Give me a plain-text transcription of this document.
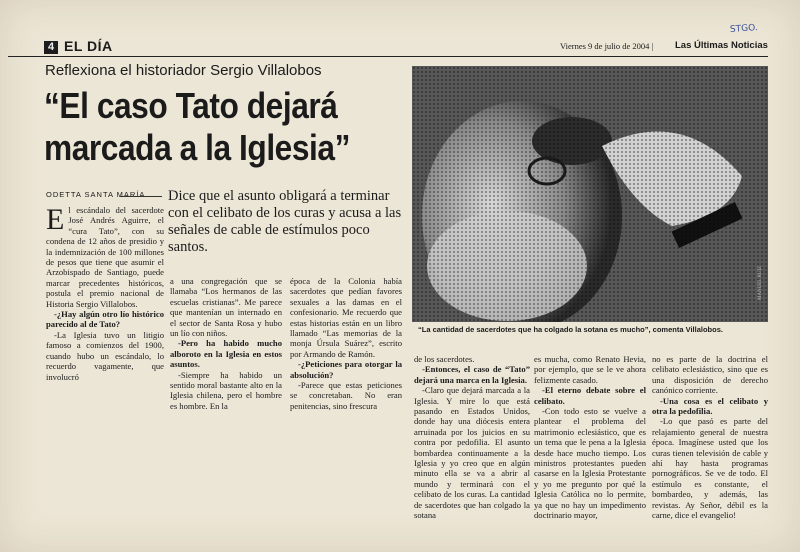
4 EL DÍA	Viernes 9 de julio de 2004 | Las Últimas Noticias
STGO.
Reflexiona el historiador Sergio Villalobos
“El caso Tato dejará marcada a la Iglesia”
ODETTA SANTA MARÍA Dice que el asunto obligará a terminar con el celibato de los curas y acusa a las señales de cable de estímulos poco santos.
MANUEL RUIZ
“La cantidad de sacerdotes que ha colgado la sotana es mucho”, comenta Villalobos.
E l escándalo del sacerdote José Andrés Aguirre, el “cura Tato”, con su condena de 12 años de presidio y la indemnización de 100 millones de pesos que tiene que asumir el Arzobispado de Santiago, puede marcar precedentes históricos, postula el premio nacional de Historia Sergio Villalobos.

-¿Hay algún otro lío histórico parecido al de Tato?

-La Iglesia tuvo un litigio famoso a comienzos del 1900, cuando hubo un escándalo, lo recuerdo vagamente, que involucró

a una congregación que se llamaba “Los hermanos de las escuelas cristianas”. Me parece que mantenían un internado en el sector de Santa Rosa y hubo un lío con niños.

-Pero ha habido mucho alboroto en la Iglesia en estos asuntos.

-Siempre ha habido un sentido moral bastante alto en la Iglesia chilena, pero el hombre es hombre. En la

época de la Colonia había sacerdotes que pedían favores sexuales a las damas en el confesionario. Me recuerdo que estas historias están en un libro llamado “Las memorias de la monja Úrsula Suárez”, escrito por Armando de Ramón.

-¿Peticiones para otorgar la absolución?

-Parece que estas peticiones se concretaban. No eran penitencias, sino frescura

de los sacerdotes.

-Entonces, el caso de “Tato” dejará una marca en la Iglesia.

-Claro que dejará marcada a la Iglesia. Y mire lo que está pasando en Estados Unidos, donde hay una diócesis entera arruinada por los juicios en su contra por pedofilia. El asunto bombardea continuamente a la Iglesia y yo creo que en algún minuto ella se va a abrir al mundo y terminará con el celibato de los curas. La cantidad de sacerdotes que han colgado la sotana

es mucha, como Renato Hevia, por ejemplo, que se le ve ahora felizmente casado.

-El eterno debate sobre el celibato.

-Con todo esto se vuelve a plantear el problema del matrimonio eclesiástico, que es un tema que le pena a la Iglesia desde hace mucho tiempo. Los ministros protestantes pueden casarse en la Iglesia Protestante y yo me pregunto por qué la Iglesia Católica no lo permite, ya que no hay un impedimento doctrinario mayor,

no es parte de la doctrina el celibato eclesiástico, sino que es una disposición de derecho canónico corriente.

-Una cosa es el celibato y otra la pedofilia.

-Lo que pasó es parte del relajamiento general de nuestra época. Imagínese usted que los curas tienen televisión de cable y ahí hay hasta programas pornográficos. Se ve de todo. El estímulo es constante, el bombardeo, y además, las revistas. Ay Señor, débil es la carne, dice el evangelio!
